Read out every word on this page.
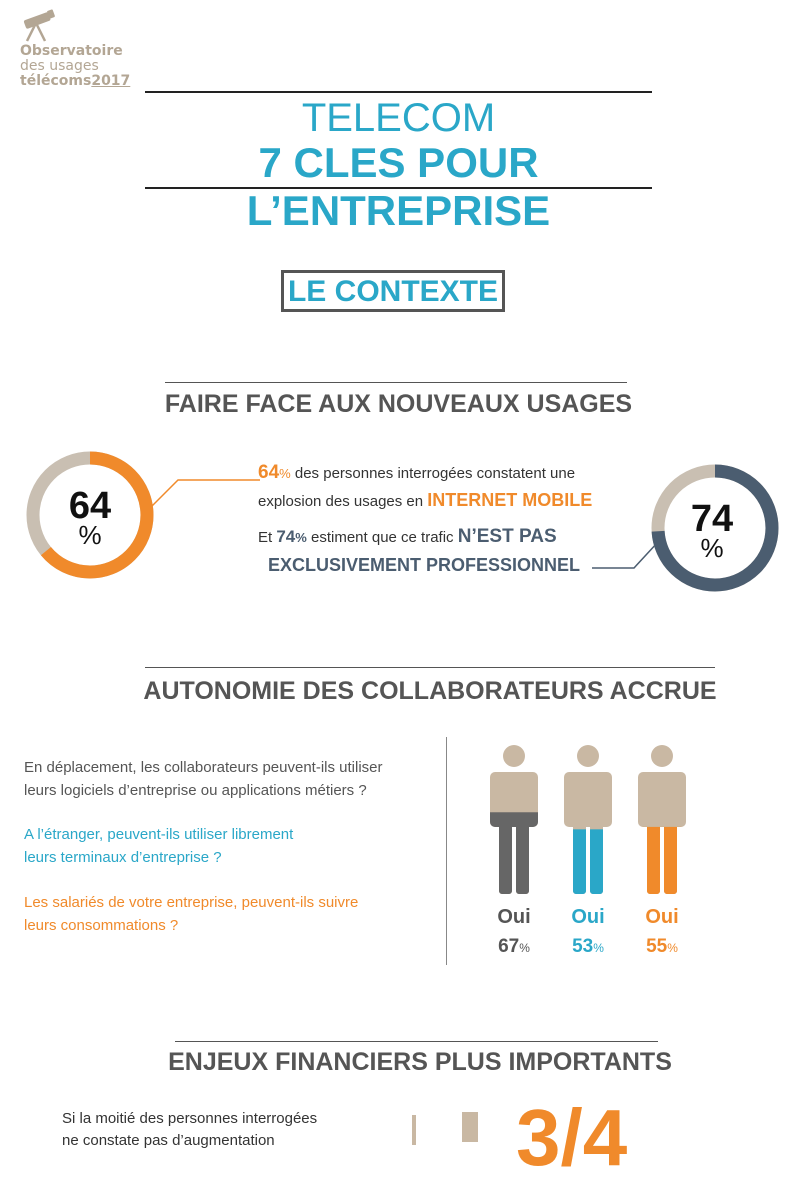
Observatoire
des usages
télécoms2017
TELECOM
7 CLES POUR L’ENTREPRISE
LE CONTEXTE
FAIRE FACE AUX NOUVEAUX USAGES
64
%
64% des personnes interrogées constatent une
explosion des usages en INTERNET MOBILE
Et 74% estiment que ce trafic N’EST PAS
EXCLUSIVEMENT PROFESSIONNEL
74
%
AUTONOMIE DES COLLABORATEURS ACCRUE
En déplacement, les collaborateurs peuvent-ils utiliser
leurs logiciels d’entreprise ou applications métiers ?
A l’étranger, peuvent-ils utiliser librement
leurs terminaux d’entreprise ?
Les salariés de votre entreprise, peuvent-ils suivre
leurs consommations ?	Oui
67%
Oui
53%
Oui
55%
ENJEUX FINANCIERS PLUS IMPORTANTS
Si la moitié des personnes interrogées
ne constate pas d’augmentation	3/4
